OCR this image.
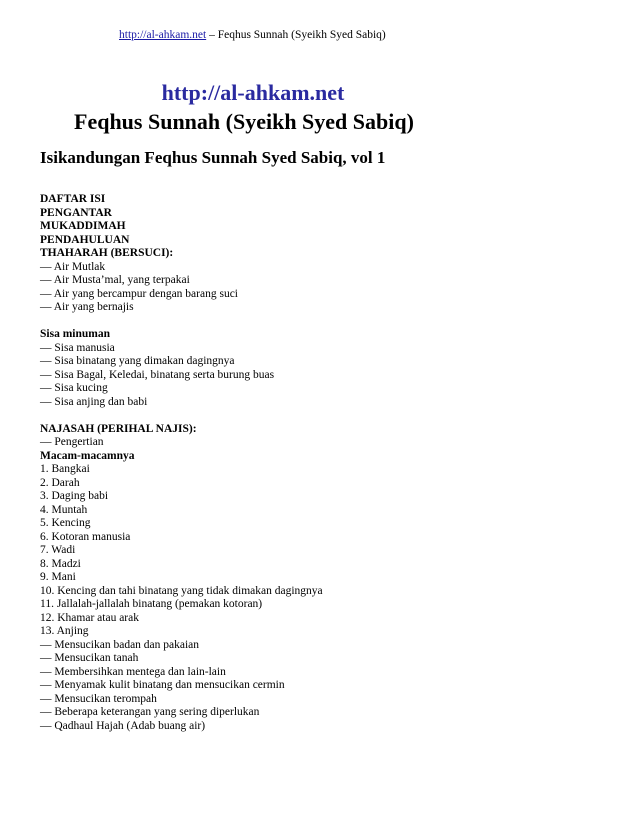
http://al-ahkam.net – Feqhus Sunnah (Syeikh Syed Sabiq)
http://al-ahkam.net
Feqhus Sunnah (Syeikh Syed Sabiq)
Isikandungan Feqhus Sunnah Syed Sabiq, vol 1
DAFTAR ISI
PENGANTAR
MUKADDIMAH
PENDAHULUAN
THAHARAH (BERSUCI):
— Air Mutlak
— Air Musta’mal, yang terpakai
— Air yang bercampur dengan barang suci
— Air yang bernajis
Sisa minuman
— Sisa manusia
— Sisa binatang yang dimakan dagingnya
— Sisa Bagal, Keledai, binatang serta burung buas
— Sisa kucing
— Sisa anjing dan babi
NAJASAH (PERIHAL NAJIS):
— Pengertian
Macam-macamnya
1. Bangkai
2. Darah
3. Daging babi
4. Muntah
5. Kencing
6. Kotoran manusia
7. Wadi
8. Madzi
9. Mani
10. Kencing dan tahi binatang yang tidak dimakan dagingnya
11. Jallalah-jallalah binatang (pemakan kotoran)
12. Khamar atau arak
13. Anjing
— Mensucikan badan dan pakaian
— Mensucikan tanah
— Membersihkan mentega dan lain-lain
— Menyamak kulit binatang dan mensucikan cermin
— Mensucikan terompah
— Beberapa keterangan yang sering diperlukan
— Qadhaul Hajah (Adab buang air)
